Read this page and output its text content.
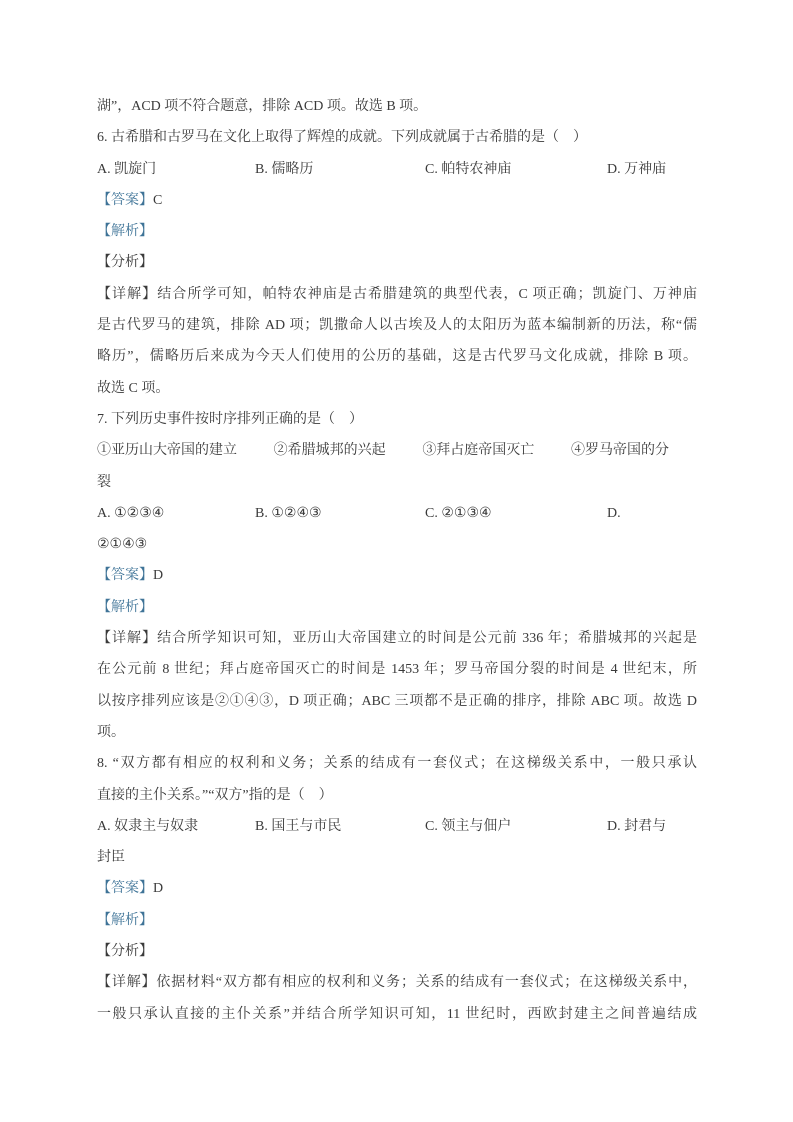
湖”，ACD 项不符合题意，排除 ACD 项。故选 B 项。
6. 古希腊和古罗马在文化上取得了辉煌的成就。下列成就属于古希腊的是（　）
A. 凯旋门	B. 儒略历	C. 帕特农神庙	D. 万神庙
【答案】C
【解析】
【分析】
【详解】结合所学可知，帕特农神庙是古希腊建筑的典型代表，C 项正确；凯旋门、万神庙
是古代罗马的建筑，排除 AD 项；凯撒命人以古埃及人的太阳历为蓝本编制新的历法，称“儒
略历”，儒略历后来成为今天人们使用的公历的基础，这是古代罗马文化成就，排除 B 项。
故选 C 项。
7. 下列历史事件按时序排列正确的是（　）
①亚历山大帝国的建立	②希腊城邦的兴起	③拜占庭帝国灭亡	④罗马帝国的分
裂
A. ①②③④	B. ①②④③	C. ②①③④	D.
②①④③
【答案】D
【解析】
【详解】结合所学知识可知，亚历山大帝国建立的时间是公元前 336 年；希腊城邦的兴起是
在公元前 8 世纪；拜占庭帝国灭亡的时间是 1453 年；罗马帝国分裂的时间是 4 世纪末，所
以按序排列应该是②①④③，D 项正确；ABC 三项都不是正确的排序，排除 ABC 项。故选 D
项。
8. “双方都有相应的权利和义务；关系的结成有一套仪式；在这梯级关系中，一般只承认
直接的主仆关系。”“双方”指的是（　）
A. 奴隶主与奴隶	B. 国王与市民	C. 领主与佃户	D. 封君与
封臣
【答案】D
【解析】
【分析】
【详解】依据材料“双方都有相应的权利和义务；关系的结成有一套仪式；在这梯级关系中，
一般只承认直接的主仆关系”并结合所学知识可知，11 世纪时，西欧封建主之间普遍结成
